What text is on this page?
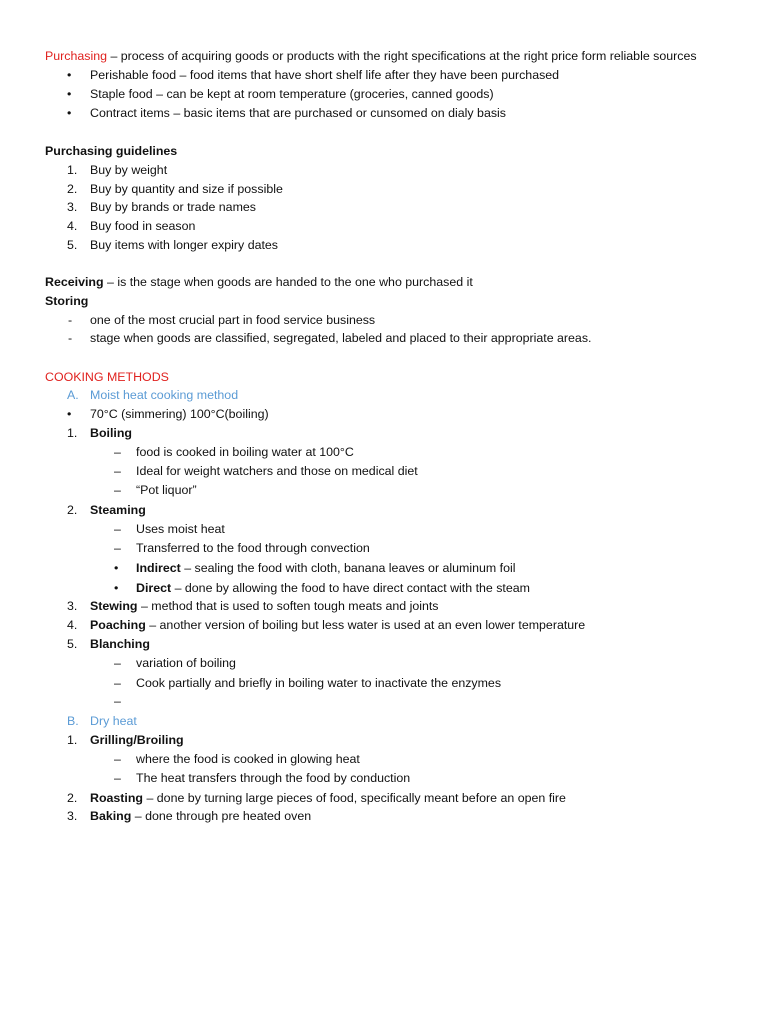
Purchasing – process of acquiring goods or products with the right specifications at the right price form reliable sources
• Perishable food – food items that have short shelf life after they have been purchased
• Staple food – can be kept at room temperature (groceries, canned goods)
• Contract items – basic items that are purchased or cunsomed on dialy basis
Purchasing guidelines
1. Buy by weight
2. Buy by quantity and size if possible
3. Buy by brands or trade names
4. Buy food in season
5. Buy items with longer expiry dates
Receiving – is the stage when goods are handed to the one who purchased it
Storing
- one of the most crucial part in food service business
- stage when goods are classified, segregated, labeled and placed to their appropriate areas.
COOKING METHODS
A. Moist heat cooking method
• 70°C (simmering) 100°C(boiling)
1. Boiling
– food is cooked in boiling water at 100°C
– Ideal for weight watchers and those on medical diet
– “Pot liquor”
2. Steaming
– Uses moist heat
– Transferred to the food through convection
• Indirect – sealing the food with cloth, banana leaves or aluminum foil
• Direct – done by allowing the food to have direct contact with the steam
3. Stewing – method that is used to soften tough meats and joints
4. Poaching – another version of boiling but less water is used at an even lower temperature
5. Blanching
– variation of boiling
– Cook partially and briefly in boiling water to inactivate the enzymes
–
B. Dry heat
1. Grilling/Broiling
– where the food is cooked in glowing heat
– The heat transfers through the food by conduction
2. Roasting – done by turning large pieces of food, specifically meant before an open fire
3. Baking – done through pre heated oven
